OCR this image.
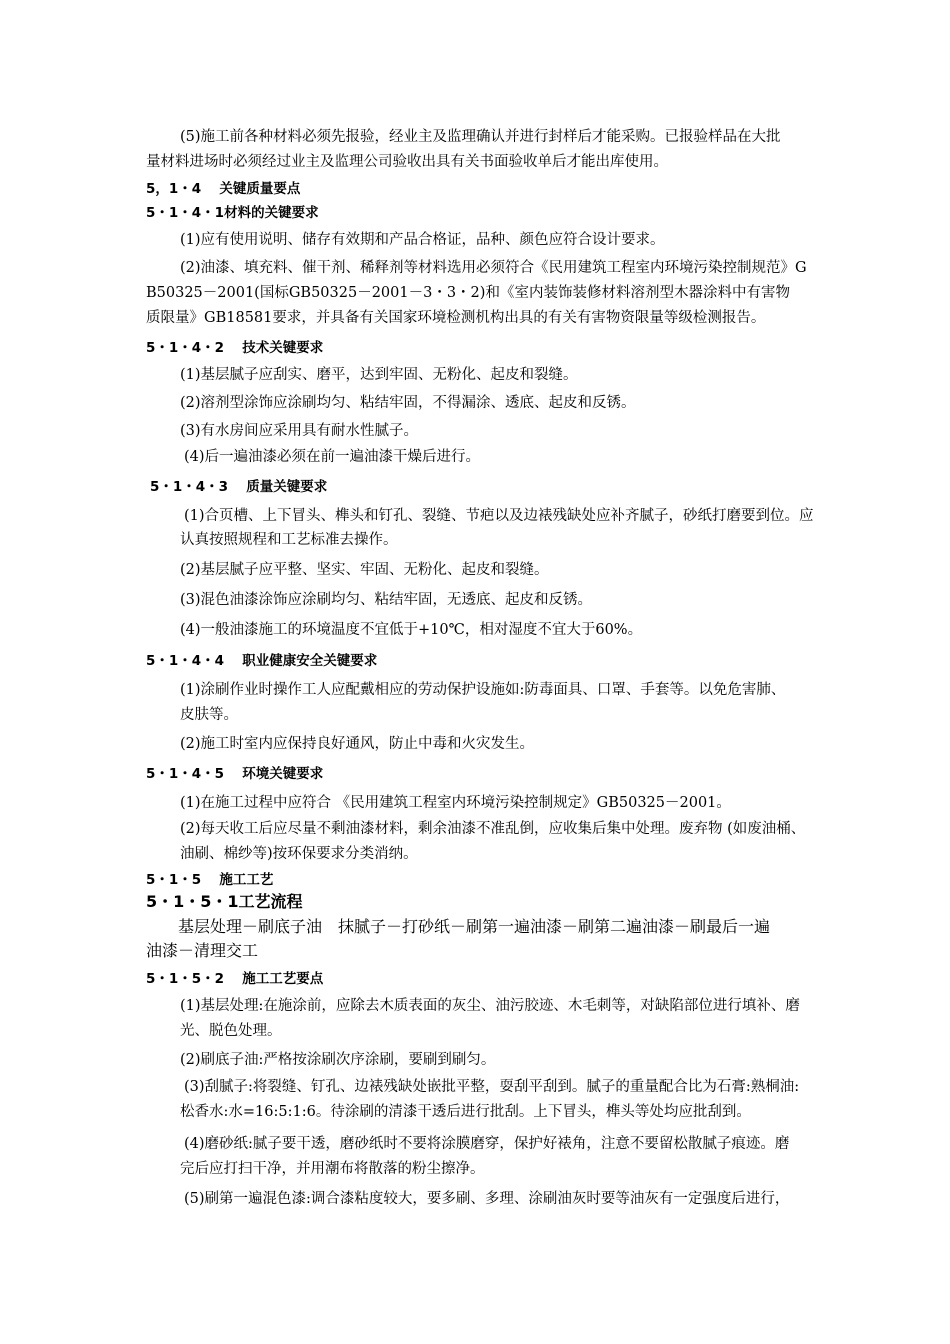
(5)施工前各种材料必须先报验，经业主及监理确认并进行封样后才能采购。已报验样品在大批
量材料进场时必须经过业主及监理公司验收出具有关书面验收单后才能出库使用。
5，1・4　 关键质量要点
5・1・4・1材料的关键要求
(1)应有使用说明、储存有效期和产品合格证，品种、颜色应符合设计要求。
(2)油漆、填充料、催干剂、稀释剂等材料选用必须符合《民用建筑工程室内环境污染控制规范》G
B50325－2001(国标GB50325－2001－3・3・2)和《室内装饰装修材料溶剂型木器涂料中有害物
质限量》GB18581要求，并具备有关国家环境检测机构出具的有关有害物资限量等级检测报告。
5・1・4・2　 技术关键要求
(1)基层腻子应刮实、磨平，达到牢固、无粉化、起皮和裂缝。
(2)溶剂型涂饰应涂刷均匀、粘结牢固，不得漏涂、透底、起皮和反锈。
(3)有水房间应采用具有耐水性腻子。
(4)后一遍油漆必须在前一遍油漆干燥后进行。
5・1・4・3　 质量关键要求
(1)合页槽、上下冒头、榫头和钉孔、裂缝、节疤以及边裱残缺处应补齐腻子，砂纸打磨要到位。应
认真按照规程和工艺标准去操作。
(2)基层腻子应平整、坚实、牢固、无粉化、起皮和裂缝。
(3)混色油漆涂饰应涂刷均匀、粘结牢固，无透底、起皮和反锈。
(4)一般油漆施工的环境温度不宜低于+10℃，相对湿度不宜大于60%。
5・1・4・4　 职业健康安全关键要求
(1)涂刷作业时操作工人应配戴相应的劳动保护设施如:防毒面具、口罩、手套等。以免危害肺、
皮肤等。
(2)施工时室内应保持良好通风，防止中毒和火灾发生。
5・1・4・5　 环境关键要求
(1)在施工过程中应符合 《民用建筑工程室内环境污染控制规定》GB50325－2001。
(2)每天收工后应尽量不剩油漆材料，剩余油漆不准乱倒，应收集后集中处理。废弃物 (如废油桶、
油刷、棉纱等)按环保要求分类消纳。
5・1・5　 施工工艺
5・1・5・1工艺流程
基层处理－刷底子油　抹腻子－打砂纸－刷第一遍油漆－刷第二遍油漆－刷最后一遍
油漆－清理交工
5・1・5・2　 施工工艺要点
(1)基层处理:在施涂前，应除去木质表面的灰尘、油污胶迹、木毛刺等，对缺陷部位进行填补、磨
光、脱色处理。
(2)刷底子油:严格按涂刷次序涂刷，要刷到刷匀。
(3)刮腻子:将裂缝、钉孔、边裱残缺处嵌批平整，耍刮平刮到。腻子的重量配合比为石膏:熟桐油:
松香水:水=16:5:1:6。待涂刷的清漆干透后进行批刮。上下冒头，榫头等处均应批刮到。
(4)磨砂纸:腻子要干透，磨砂纸时不要将涂膜磨穿，保护好裱角，注意不要留松散腻子痕迹。磨
完后应打扫干净，并用潮布将散落的粉尘擦净。
(5)刷第一遍混色漆:调合漆粘度较大，要多刷、多理、涂刷油灰时要等油灰有一定强度后进行，
